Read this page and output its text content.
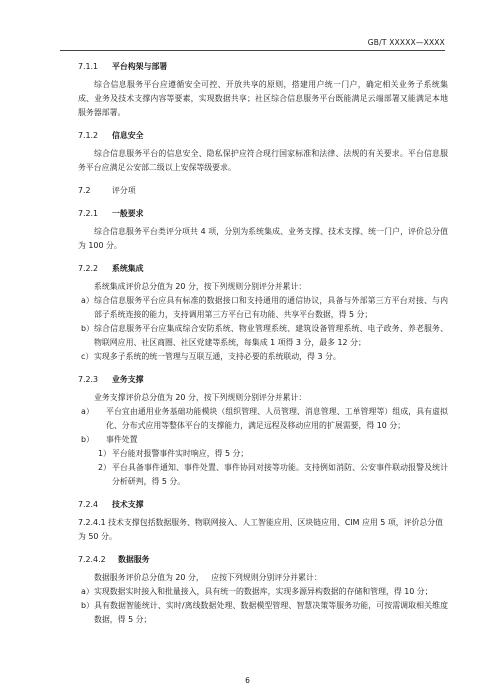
GB/T XXXXX—XXXX
7.1.1 平台构架与部署

综合信息服务平台应遵循安全可控、开放共享的原则，搭建用户统一门户，确定相关业务子系统集成、业务及技术支撑内容等要素，实现数据共享；社区综合信息服务平台既能满足云端部署又能满足本地服务器部署。

7.1.2 信息安全

综合信息服务平台的信息安全、隐私保护应符合现行国家标准和法律、法规的有关要求。平台信息服务平台应满足公安部二级以上安保等级要求。

7.2	评分项
7.2.1 一般要求

综合信息服务平台类评分项共 4 项，分别为系统集成、业务支撑、技术支撑、统一门户，评价总分值为 100 分。

7.2.2 系统集成

系统集成评价总分值为 20 分，按下列规则分别评分并累计：

a） 综合信息服务平台应具有标准的数据接口和支持通用的通信协议，具备与外部第三方平台对接、与内部子系统连接的能力，支持调用第三方平台已有功能、共享平台数据，得 5 分；
b） 综合信息服务平台应集成综合安防系统、物业管理系统、建筑设备管理系统、电子政务、养老服务、物联网应用、社区商圈、社区党建等系统，每集成 1 项得 3 分，最多 12 分；
c） 实现多子系统的统一管理与互联互通，支持必要的系统联动，得 3 分。
7.2.3 业务支撑

业务支撑评价总分值为 20 分，按下列规则分别评分并累计：

a） 平台宜由通用业务基础功能模块（组织管理、人员管理、消息管理、工单管理等）组成，具有虚拟化、分布式应用等整体平台的支撑能力，满足远程及移动应用的扩展需要，得 10 分；
b） 事件处置
1） 平台能对报警事件实时响应，得 5 分；
2） 平台具备事件通知、事件处置、事件协同对接等功能。支持例如消防、公安事件联动报警及统计分析研判，得 5 分。
7.2.4 技术支撑
7.2.4.1 技术支撑包括数据服务、物联网接入、人工智能应用、区块链应用、CIM 应用 5 项，评价总分值为 50 分。
7.2.4.2 数据服务

数据服务评价总分值为 20 分，   应按下列规则分别评分并累计：

a） 实现数据实时接入和批量接入，具有统一的数据库，实现多源异构数据的存储和管理，得 10 分；
b） 具有数据智能统计、实时/离线数据处理、数据模型管理、智慧决策等服务功能，可按需调取相关维度数据，得 5 分；
6
